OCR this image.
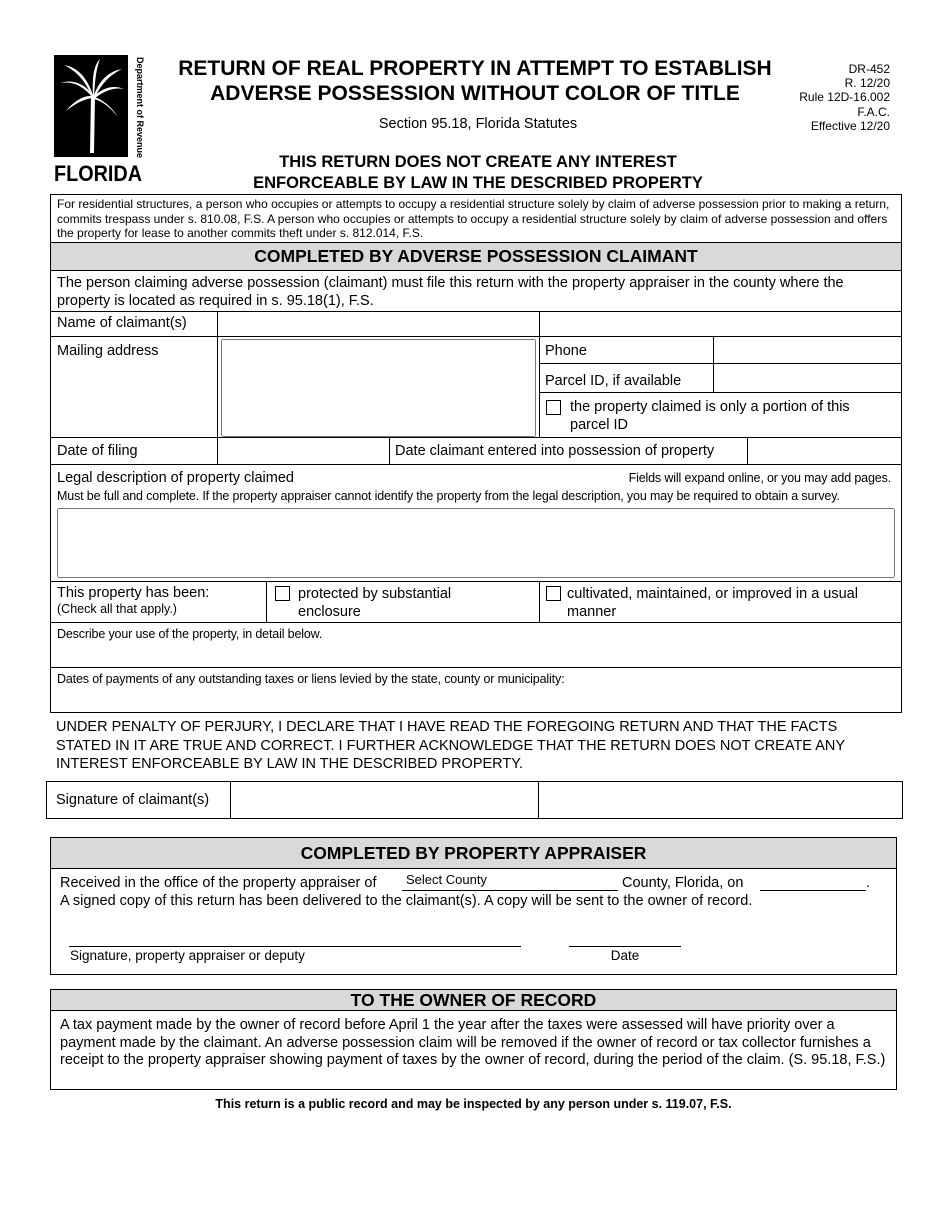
Department of Revenue
FLORIDA
RETURN OF REAL PROPERTY IN ATTEMPT TO ESTABLISH
ADVERSE POSSESSION WITHOUT COLOR OF TITLE
Section 95.18, Florida Statutes
DR-452
R. 12/20
Rule 12D-16.002
F.A.C.
Effective 12/20
THIS RETURN DOES NOT CREATE ANY INTEREST
ENFORCEABLE BY LAW IN THE DESCRIBED PROPERTY
For residential structures, a person who occupies or attempts to occupy a residential structure solely by claim of adverse possession prior to making a return, commits trespass under s. 810.08, F.S. A person who occupies or attempts to occupy a residential structure solely by claim of adverse possession and offers the property for lease to another commits theft under s. 812.014, F.S.
COMPLETED BY ADVERSE POSSESSION CLAIMANT
The person claiming adverse possession (claimant) must file this return with the property appraiser in the county where the property is located as required in s. 95.18(1), F.S.
Name of claimant(s)
Mailing address	Phone
Parcel ID, if available
the property claimed is only a portion of this parcel ID
Date of filing	Date claimant entered into possession of property
Legal description of property claimed	Fields will expand online, or you may add pages.
Must be full and complete. If the property appraiser cannot identify the property from the legal description, you may be required to obtain a survey.
This property has been:
(Check all that apply.)
protected by substantial enclosure
cultivated, maintained, or improved in a usual manner
Describe your use of the property, in detail below.
Dates of payments of any outstanding taxes or liens levied by the state, county or municipality:
UNDER PENALTY OF PERJURY, I DECLARE THAT I HAVE READ THE FOREGOING RETURN AND THAT THE FACTS STATED IN IT ARE TRUE AND CORRECT. I FURTHER ACKNOWLEDGE THAT THE RETURN DOES NOT CREATE ANY INTEREST ENFORCEABLE BY LAW IN THE DESCRIBED PROPERTY.
Signature of claimant(s)
COMPLETED BY PROPERTY APPRAISER
Received in the office of the property appraiser of	Select County	County, Florida, on	.
A signed copy of this return has been delivered to the claimant(s). A copy will be sent to the owner of record.
Signature, property appraiser or deputy	Date
TO THE OWNER OF RECORD
A tax payment made by the owner of record before April 1 the year after the taxes were assessed will have priority over a payment made by the claimant. An adverse possession claim will be removed if the owner of record or tax collector furnishes a receipt to the property appraiser showing payment of taxes by the owner of record, during the period of the claim. (S. 95.18, F.S.)
This return is a public record and may be inspected by any person under s. 119.07, F.S.
